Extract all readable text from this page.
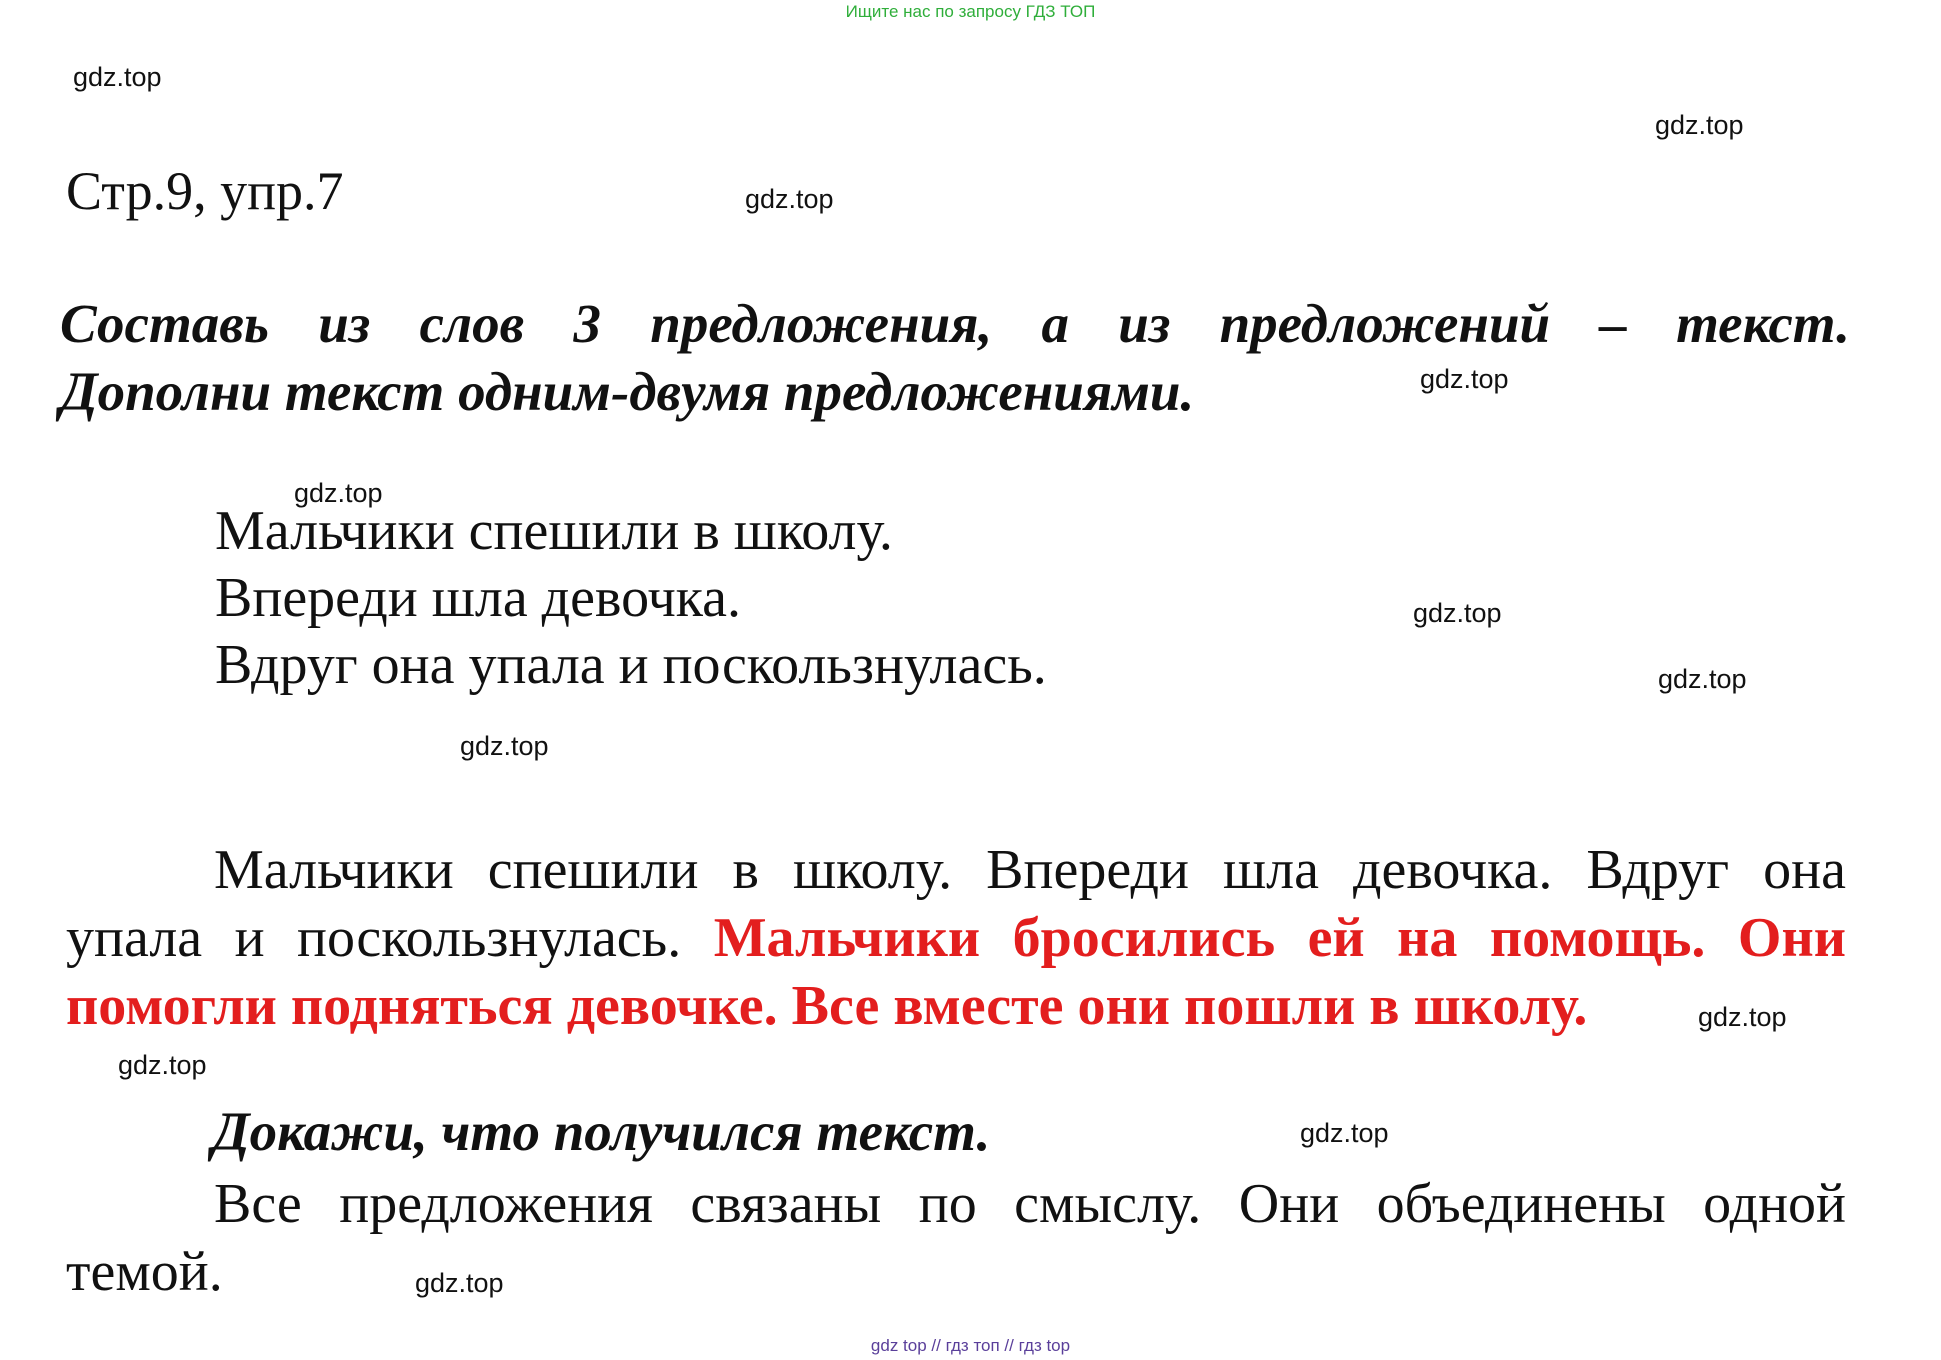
Ищите нас по запросу ГДЗ ТОП
gdz.top
gdz.top
gdz.top
gdz.top
gdz.top
gdz.top
gdz.top
gdz.top
gdz.top
gdz.top
gdz.top
gdz.top
Стр.9, упр.7
Составь из слов 3 предложения, а из предложений – текст.
Дополни текст одним-двумя предложениями.
Мальчики спешили в школу.
Впереди шла девочка.
Вдруг она упала и поскользнулась.
Мальчики спешили в школу. Впереди шла девочка. Вдруг она
упала и поскользнулась. Мальчики бросились ей на помощь. Они
помогли подняться девочке. Все вместе они пошли в школу.
Докажи, что получился текст.
Все предложения связаны по смыслу. Они объединены одной
темой.
gdz top // гдз топ // гдз top
